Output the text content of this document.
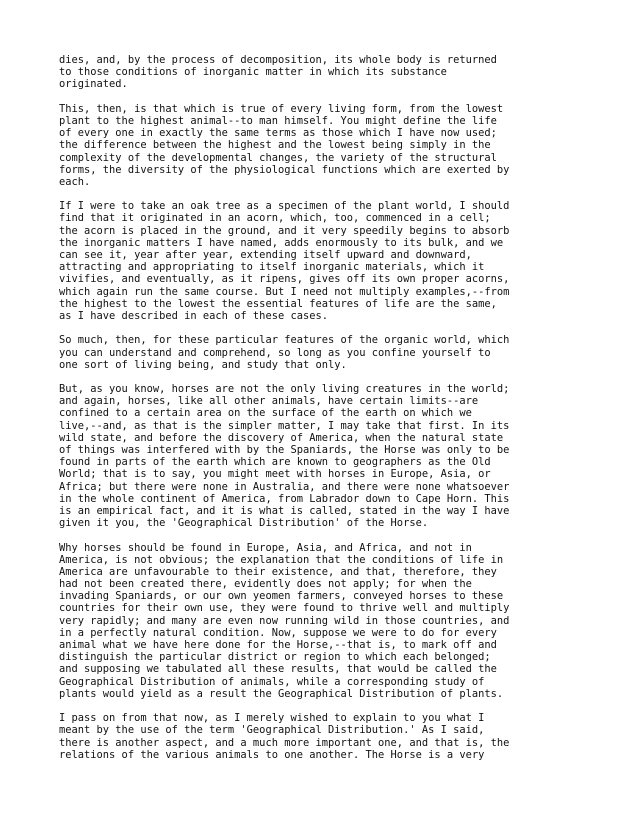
dies, and, by the process of decomposition, its whole body is returned
to those conditions of inorganic matter in which its substance
originated.

This, then, is that which is true of every living form, from the lowest
plant to the highest animal--to man himself. You might define the life
of every one in exactly the same terms as those which I have now used;
the difference between the highest and the lowest being simply in the
complexity of the developmental changes, the variety of the structural
forms, the diversity of the physiological functions which are exerted by
each.

If I were to take an oak tree as a specimen of the plant world, I should
find that it originated in an acorn, which, too, commenced in a cell;
the acorn is placed in the ground, and it very speedily begins to absorb
the inorganic matters I have named, adds enormously to its bulk, and we
can see it, year after year, extending itself upward and downward,
attracting and appropriating to itself inorganic materials, which it
vivifies, and eventually, as it ripens, gives off its own proper acorns,
which again run the same course. But I need not multiply examples,--from
the highest to the lowest the essential features of life are the same,
as I have described in each of these cases.

So much, then, for these particular features of the organic world, which
you can understand and comprehend, so long as you confine yourself to
one sort of living being, and study that only.

But, as you know, horses are not the only living creatures in the world;
and again, horses, like all other animals, have certain limits--are
confined to a certain area on the surface of the earth on which we
live,--and, as that is the simpler matter, I may take that first. In its
wild state, and before the discovery of America, when the natural state
of things was interfered with by the Spaniards, the Horse was only to be
found in parts of the earth which are known to geographers as the Old
World; that is to say, you might meet with horses in Europe, Asia, or
Africa; but there were none in Australia, and there were none whatsoever
in the whole continent of America, from Labrador down to Cape Horn. This
is an empirical fact, and it is what is called, stated in the way I have
given it you, the 'Geographical Distribution' of the Horse.

Why horses should be found in Europe, Asia, and Africa, and not in
America, is not obvious; the explanation that the conditions of life in
America are unfavourable to their existence, and that, therefore, they
had not been created there, evidently does not apply; for when the
invading Spaniards, or our own yeomen farmers, conveyed horses to these
countries for their own use, they were found to thrive well and multiply
very rapidly; and many are even now running wild in those countries, and
in a perfectly natural condition. Now, suppose we were to do for every
animal what we have here done for the Horse,--that is, to mark off and
distinguish the particular district or region to which each belonged;
and supposing we tabulated all these results, that would be called the
Geographical Distribution of animals, while a corresponding study of
plants would yield as a result the Geographical Distribution of plants.

I pass on from that now, as I merely wished to explain to you what I
meant by the use of the term 'Geographical Distribution.' As I said,
there is another aspect, and a much more important one, and that is, the
relations of the various animals to one another. The Horse is a very
